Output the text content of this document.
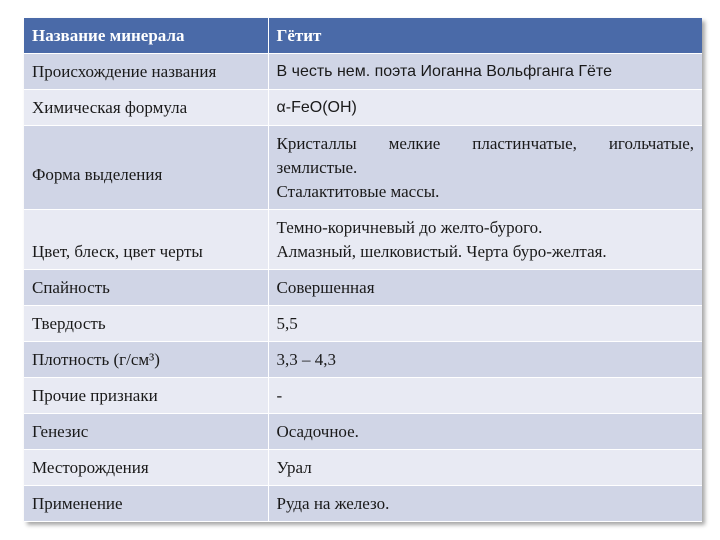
Название минерала	Гётит
Происхождение названия	В честь нем. поэта Иоганна Вольфганга Гёте
Химическая формула	α-FeO(OH)
Форма выделения	Кристаллы мелкие пластинчатые, игольчатые, землистые.
Сталактитовые массы.

Цвет, блеск, цвет черты	Темно-коричневый до желто-бурого.
Алмазный, шелковистый. Черта буро-желтая.

Спайность	Совершенная
Твердость	5,5
Плотность (г/см³)	3,3 – 4,3
Прочие признаки	-
Генезис	Осадочное.
Месторождения	Урал
Применение	Руда на железо.
